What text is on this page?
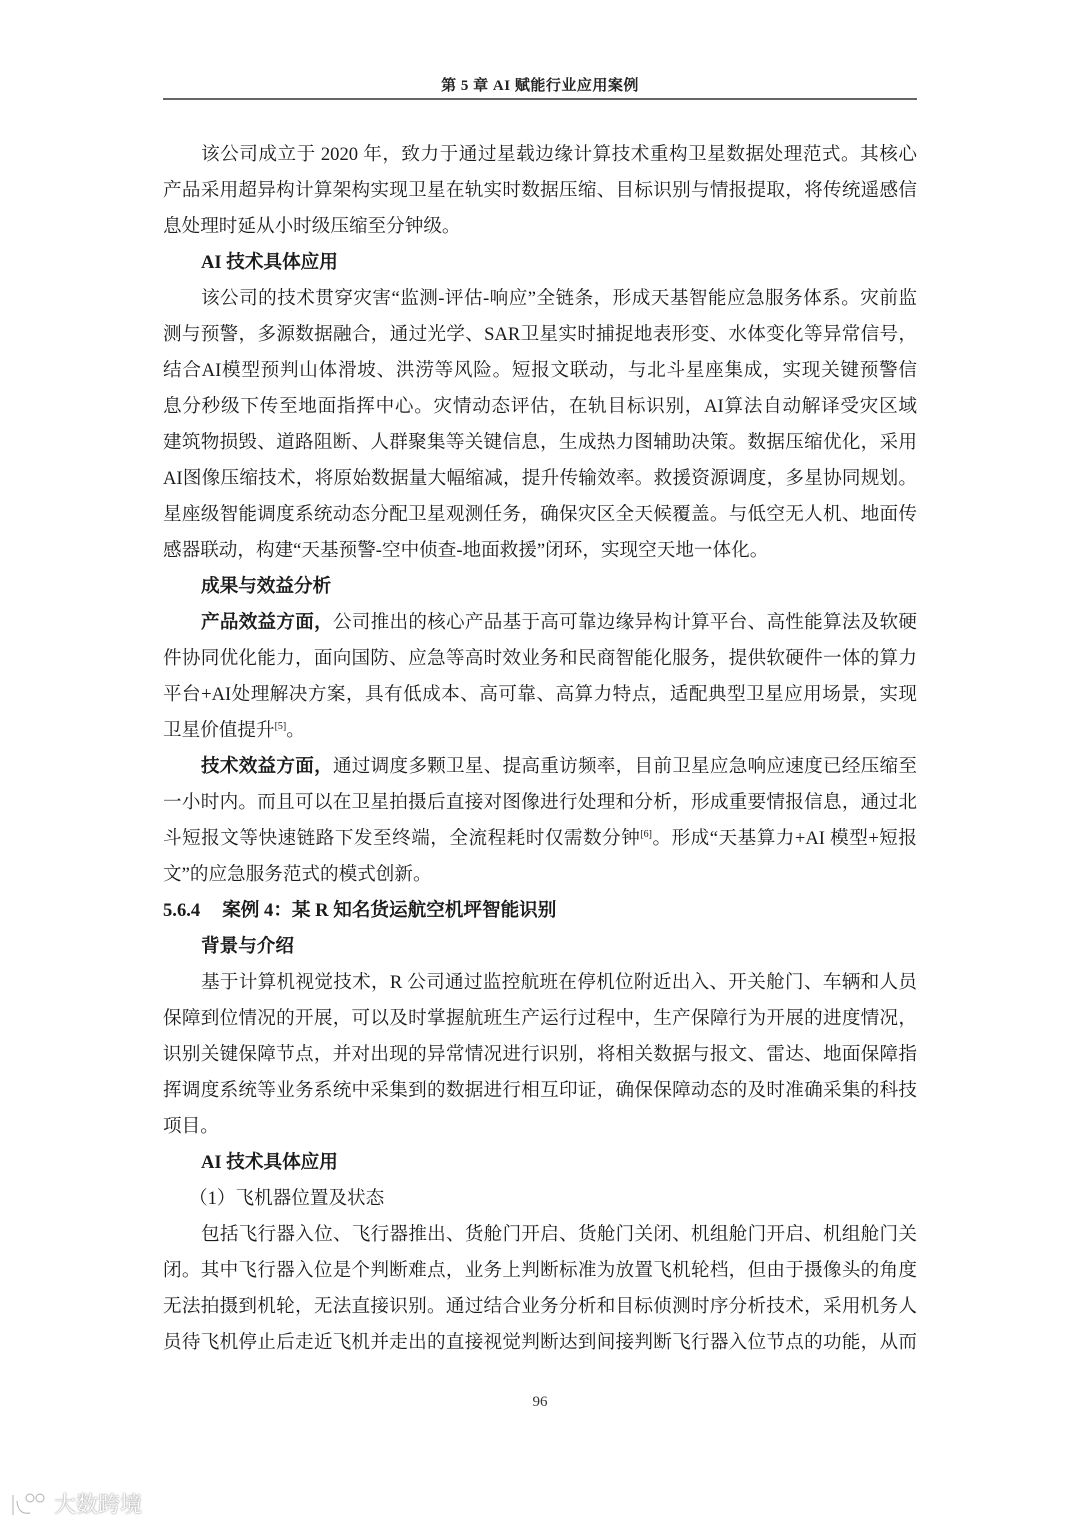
第 5 章 AI 赋能行业应用案例
该公司成立于 2020 年，致力于通过星载边缘计算技术重构卫星数据处理范式。其核心
产品采用超异构计算架构实现卫星在轨实时数据压缩、目标识别与情报提取，将传统遥感信
息处理时延从小时级压缩至分钟级。
AI 技术具体应用
该公司的技术贯穿灾害“监测-评估-响应”全链条，形成天基智能应急服务体系。灾前监
测与预警，多源数据融合，通过光学、SAR卫星实时捕捉地表形变、水体变化等异常信号，
结合AI模型预判山体滑坡、洪涝等风险。短报文联动，与北斗星座集成，实现关键预警信
息分秒级下传至地面指挥中心。灾情动态评估，在轨目标识别，AI算法自动解译受灾区域
建筑物损毁、道路阻断、人群聚集等关键信息，生成热力图辅助决策。数据压缩优化，采用
AI图像压缩技术，将原始数据量大幅缩减，提升传输效率。救援资源调度，多星协同规划。
星座级智能调度系统动态分配卫星观测任务，确保灾区全天候覆盖。与低空无人机、地面传
感器联动，构建“天基预警-空中侦查-地面救援”闭环，实现空天地一体化。
成果与效益分析
产品效益方面，公司推出的核心产品基于高可靠边缘异构计算平台、高性能算法及软硬
件协同优化能力，面向国防、应急等高时效业务和民商智能化服务，提供软硬件一体的算力
平台+AI处理解决方案，具有低成本、高可靠、高算力特点，适配典型卫星应用场景，实现
卫星价值提升[5]。
技术效益方面，通过调度多颗卫星、提高重访频率，目前卫星应急响应速度已经压缩至
一小时内。而且可以在卫星拍摄后直接对图像进行处理和分析，形成重要情报信息，通过北
斗短报文等快速链路下发至终端，全流程耗时仅需数分钟[6]。形成“天基算力+AI 模型+短报
文”的应急服务范式的模式创新。
5.6.4 案例 4：某 R 知名货运航空机坪智能识别
背景与介绍
基于计算机视觉技术，R 公司通过监控航班在停机位附近出入、开关舱门、车辆和人员
保障到位情况的开展，可以及时掌握航班生产运行过程中，生产保障行为开展的进度情况，
识别关键保障节点，并对出现的异常情况进行识别，将相关数据与报文、雷达、地面保障指
挥调度系统等业务系统中采集到的数据进行相互印证，确保保障动态的及时准确采集的科技
项目。
AI 技术具体应用
（1）飞机器位置及状态
包括飞行器入位、飞行器推出、货舱门开启、货舱门关闭、机组舱门开启、机组舱门关
闭。其中飞行器入位是个判断难点，业务上判断标准为放置飞机轮档，但由于摄像头的角度
无法拍摄到机轮，无法直接识别。通过结合业务分析和目标侦测时序分析技术，采用机务人
员待飞机停止后走近飞机并走出的直接视觉判断达到间接判断飞行器入位节点的功能，从而
96
大数跨境
